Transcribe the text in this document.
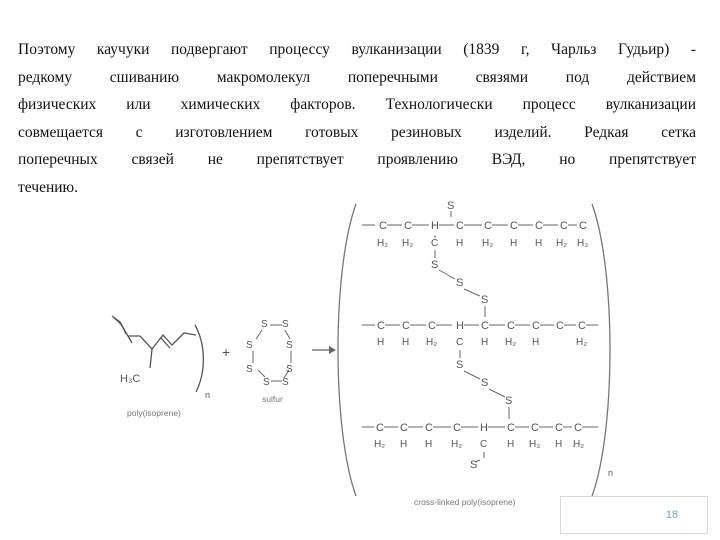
Поэтому каучуки подвергают процессу вулканизации (1839 г, Чарльз Гудьир) -
редкому сшиванию макромолекул поперечными связями под действием
физических или химических факторов. Технологически процесс вулканизации
совмещается с изготовлением готовых резиновых изделий. Редкая сетка
поперечных связей не препятствует проявлению ВЭД, но препятствует
течению.
H₃C
n
poly(isoprene)
+
S S
S
S
S
S
S
S
sulfur
n
C C H C C C C C C
H₂ H₂ C H H₂ H H H₂ H₃
C C C H C C C C C
H H H₂ C H H₂ H	H₂
C C C C H C C C C
H₂ H H H₂ C H H₃ H H₂
S
S
S
S
S
S
S
S
cross-linked poly(isoprene)
18
